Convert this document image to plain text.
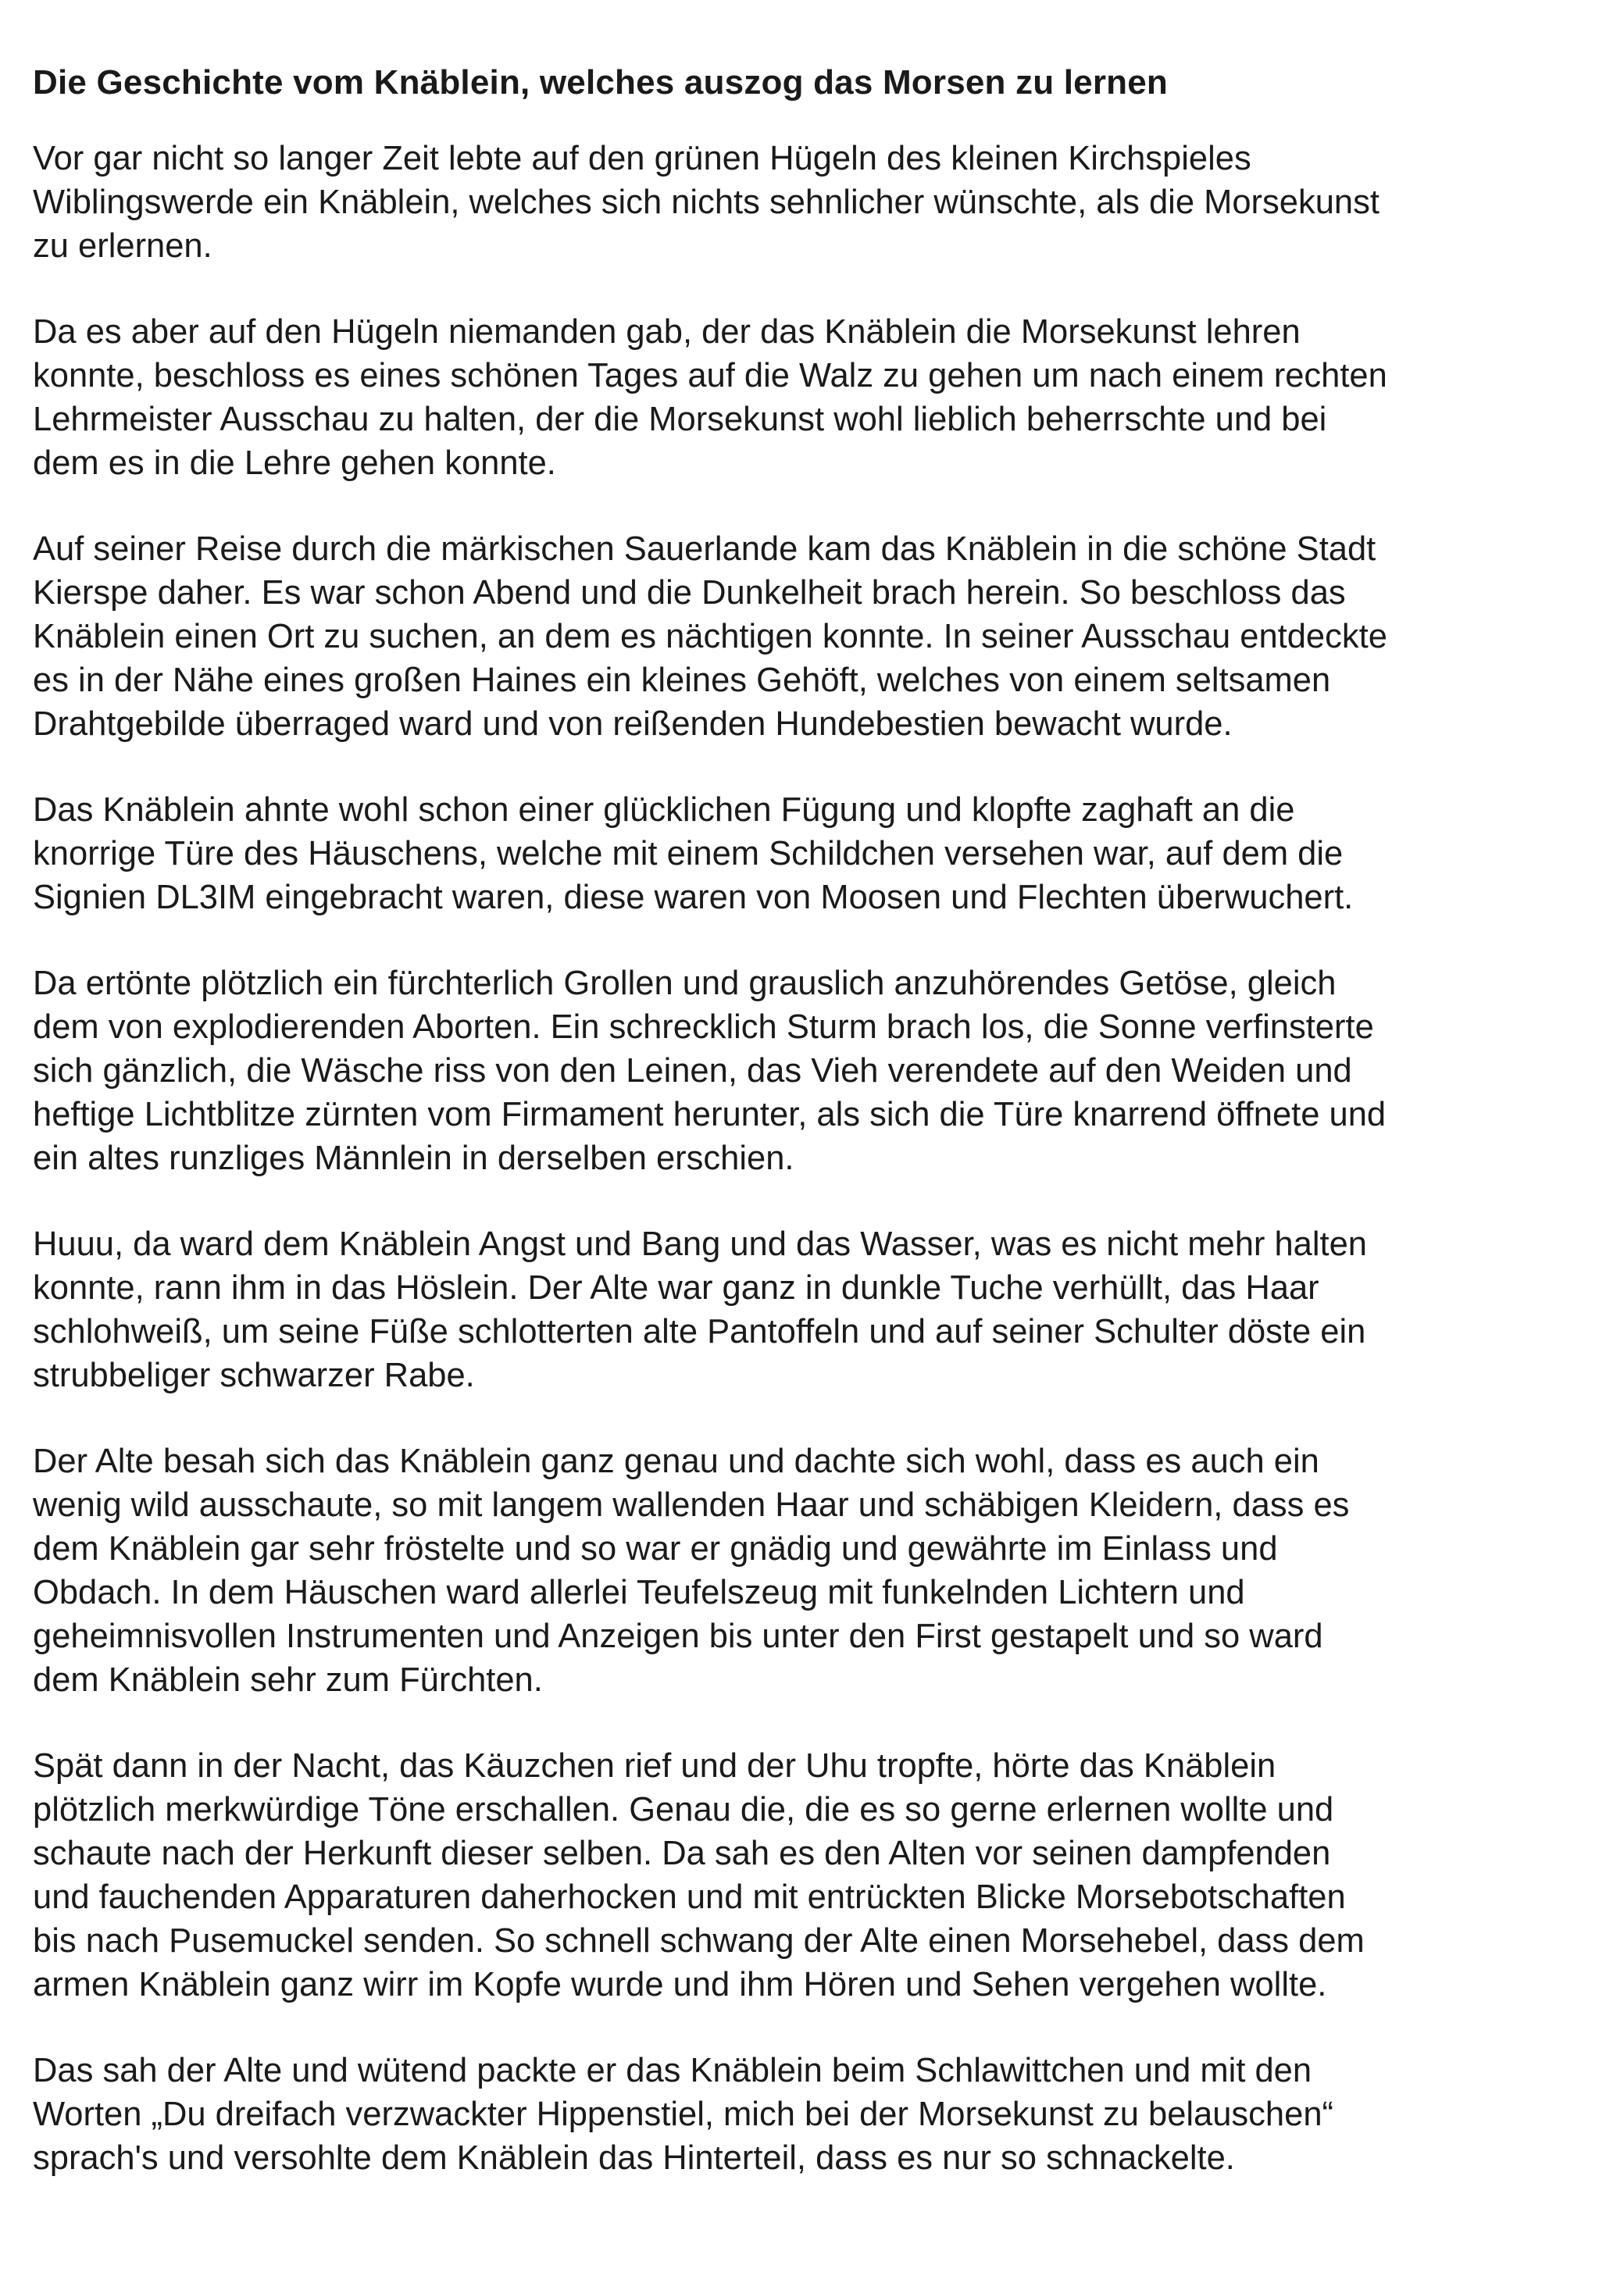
Die Geschichte vom Knäblein, welches auszog das Morsen zu lernen
Vor gar nicht so langer Zeit lebte auf den grünen Hügeln des kleinen Kirchspieles
Wiblingswerde ein Knäblein, welches sich nichts sehnlicher wünschte, als die Morsekunst
zu erlernen.
Da es aber auf den Hügeln niemanden gab, der das Knäblein die Morsekunst lehren
konnte, beschloss es eines schönen Tages auf die Walz zu gehen um nach einem rechten
Lehrmeister Ausschau zu halten, der die Morsekunst wohl lieblich beherrschte und bei
dem es in die Lehre gehen konnte.
Auf seiner Reise durch die märkischen Sauerlande kam das Knäblein in die schöne Stadt
Kierspe daher. Es war schon Abend und die Dunkelheit brach herein. So beschloss das
Knäblein einen Ort zu suchen, an dem es nächtigen konnte. In seiner Ausschau entdeckte
es in der Nähe eines großen Haines ein kleines Gehöft, welches von einem seltsamen
Drahtgebilde überraged ward und von reißenden Hundebestien bewacht wurde.
Das Knäblein ahnte wohl schon einer glücklichen Fügung und klopfte zaghaft an die
knorrige Türe des Häuschens, welche mit einem Schildchen versehen war, auf dem die
Signien DL3IM eingebracht waren, diese waren von Moosen und Flechten überwuchert.
Da ertönte plötzlich ein fürchterlich Grollen und grauslich anzuhörendes Getöse, gleich
dem von explodierenden Aborten. Ein schrecklich Sturm brach los, die Sonne verfinsterte
sich gänzlich, die Wäsche riss von den Leinen, das Vieh verendete auf den Weiden und
heftige Lichtblitze zürnten vom Firmament herunter, als sich die Türe knarrend öffnete und
ein altes runzliges Männlein in derselben erschien.
Huuu, da ward dem Knäblein Angst und Bang und das Wasser, was es nicht mehr halten
konnte, rann ihm in das Höslein. Der Alte war ganz in dunkle Tuche verhüllt, das Haar
schlohweiß, um seine Füße schlotterten alte Pantoffeln und auf seiner Schulter döste ein
strubbeliger schwarzer Rabe.
Der Alte besah sich das Knäblein ganz genau und dachte sich wohl, dass es auch ein
wenig wild ausschaute, so mit langem wallenden Haar und schäbigen Kleidern, dass es
dem Knäblein gar sehr fröstelte und so war er gnädig und gewährte im Einlass und
Obdach. In dem Häuschen ward allerlei Teufelszeug mit funkelnden Lichtern und
geheimnisvollen Instrumenten und Anzeigen bis unter den First gestapelt und so ward
dem Knäblein sehr zum Fürchten.
Spät dann in der Nacht, das Käuzchen rief und der Uhu tropfte, hörte das Knäblein
plötzlich merkwürdige Töne erschallen. Genau die, die es so gerne erlernen wollte und
schaute nach der Herkunft dieser selben. Da sah es den Alten vor seinen dampfenden
und fauchenden Apparaturen daherhocken und mit entrückten Blicke Morsebotschaften
bis nach Pusemuckel senden. So schnell schwang der Alte einen Morsehebel, dass dem
armen Knäblein ganz wirr im Kopfe wurde und ihm Hören und Sehen vergehen wollte.
Das sah der Alte und wütend packte er das Knäblein beim Schlawittchen und mit den
Worten „Du dreifach verzwackter Hippenstiel, mich bei der Morsekunst zu belauschen“
sprach's und versohlte dem Knäblein das Hinterteil, dass es nur so schnackelte.
